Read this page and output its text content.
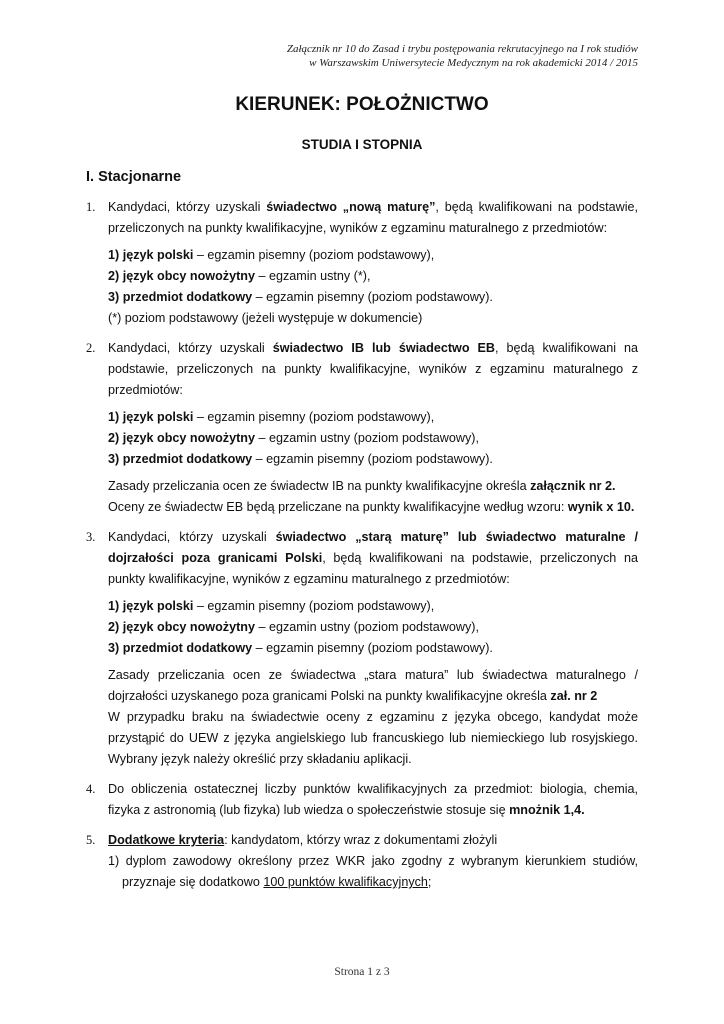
Załącznik nr 10 do Zasad i trybu postępowania rekrutacyjnego na I rok studiów
w Warszawskim Uniwersytecie Medycznym na rok akademicki 2014 / 2015
KIERUNEK: POŁOŻNICTWO
STUDIA I STOPNIA
I. Stacjonarne
1. Kandydaci, którzy uzyskali świadectwo „nową maturę”, będą kwalifikowani na podstawie, przeliczonych na punkty kwalifikacyjne, wyników z egzaminu maturalnego z przedmiotów:
1) język polski – egzamin pisemny (poziom podstawowy),
2) język obcy nowożytny – egzamin ustny (*),
3) przedmiot dodatkowy – egzamin pisemny (poziom podstawowy).
(*) poziom podstawowy (jeżeli występuje w dokumencie)
2. Kandydaci, którzy uzyskali świadectwo IB lub świadectwo EB, będą kwalifikowani na podstawie, przeliczonych na punkty kwalifikacyjne, wyników z egzaminu maturalnego z przedmiotów:
1) język polski – egzamin pisemny (poziom podstawowy),
2) język obcy nowożytny – egzamin ustny (poziom podstawowy),
3) przedmiot dodatkowy – egzamin pisemny (poziom podstawowy).
Zasady przeliczania ocen ze świadectw IB na punkty kwalifikacyjne określa załącznik nr 2.
Oceny ze świadectw EB będą przeliczane na punkty kwalifikacyjne według wzoru: wynik x 10.
3. Kandydaci, którzy uzyskali świadectwo „starą maturę” lub świadectwo maturalne / dojrzałości poza granicami Polski, będą kwalifikowani na podstawie, przeliczonych na punkty kwalifikacyjne, wyników z egzaminu maturalnego z przedmiotów:
1) język polski – egzamin pisemny (poziom podstawowy),
2) język obcy nowożytny – egzamin ustny (poziom podstawowy),
3) przedmiot dodatkowy – egzamin pisemny (poziom podstawowy).
Zasady przeliczania ocen ze świadectwa „stara matura” lub świadectwa maturalnego / dojrzałości uzyskanego poza granicami Polski na punkty kwalifikacyjne określa zał. nr 2
W przypadku braku na świadectwie oceny z egzaminu z języka obcego, kandydat może przystąpić do UEW z języka angielskiego lub francuskiego lub niemieckiego lub rosyjskiego. Wybrany język należy określić przy składaniu aplikacji.
4. Do obliczenia ostatecznej liczby punktów kwalifikacyjnych za przedmiot: biologia, chemia, fizyka z astronomią (lub fizyka) lub wiedza o społeczeństwie stosuje się mnożnik 1,4.
5. Dodatkowe kryteria: kandydatom, którzy wraz z dokumentami złożyli
1) dyplom zawodowy określony przez WKR jako zgodny z wybranym kierunkiem studiów, przyznaje się dodatkowo 100 punktów kwalifikacyjnych;
Strona 1 z 3
